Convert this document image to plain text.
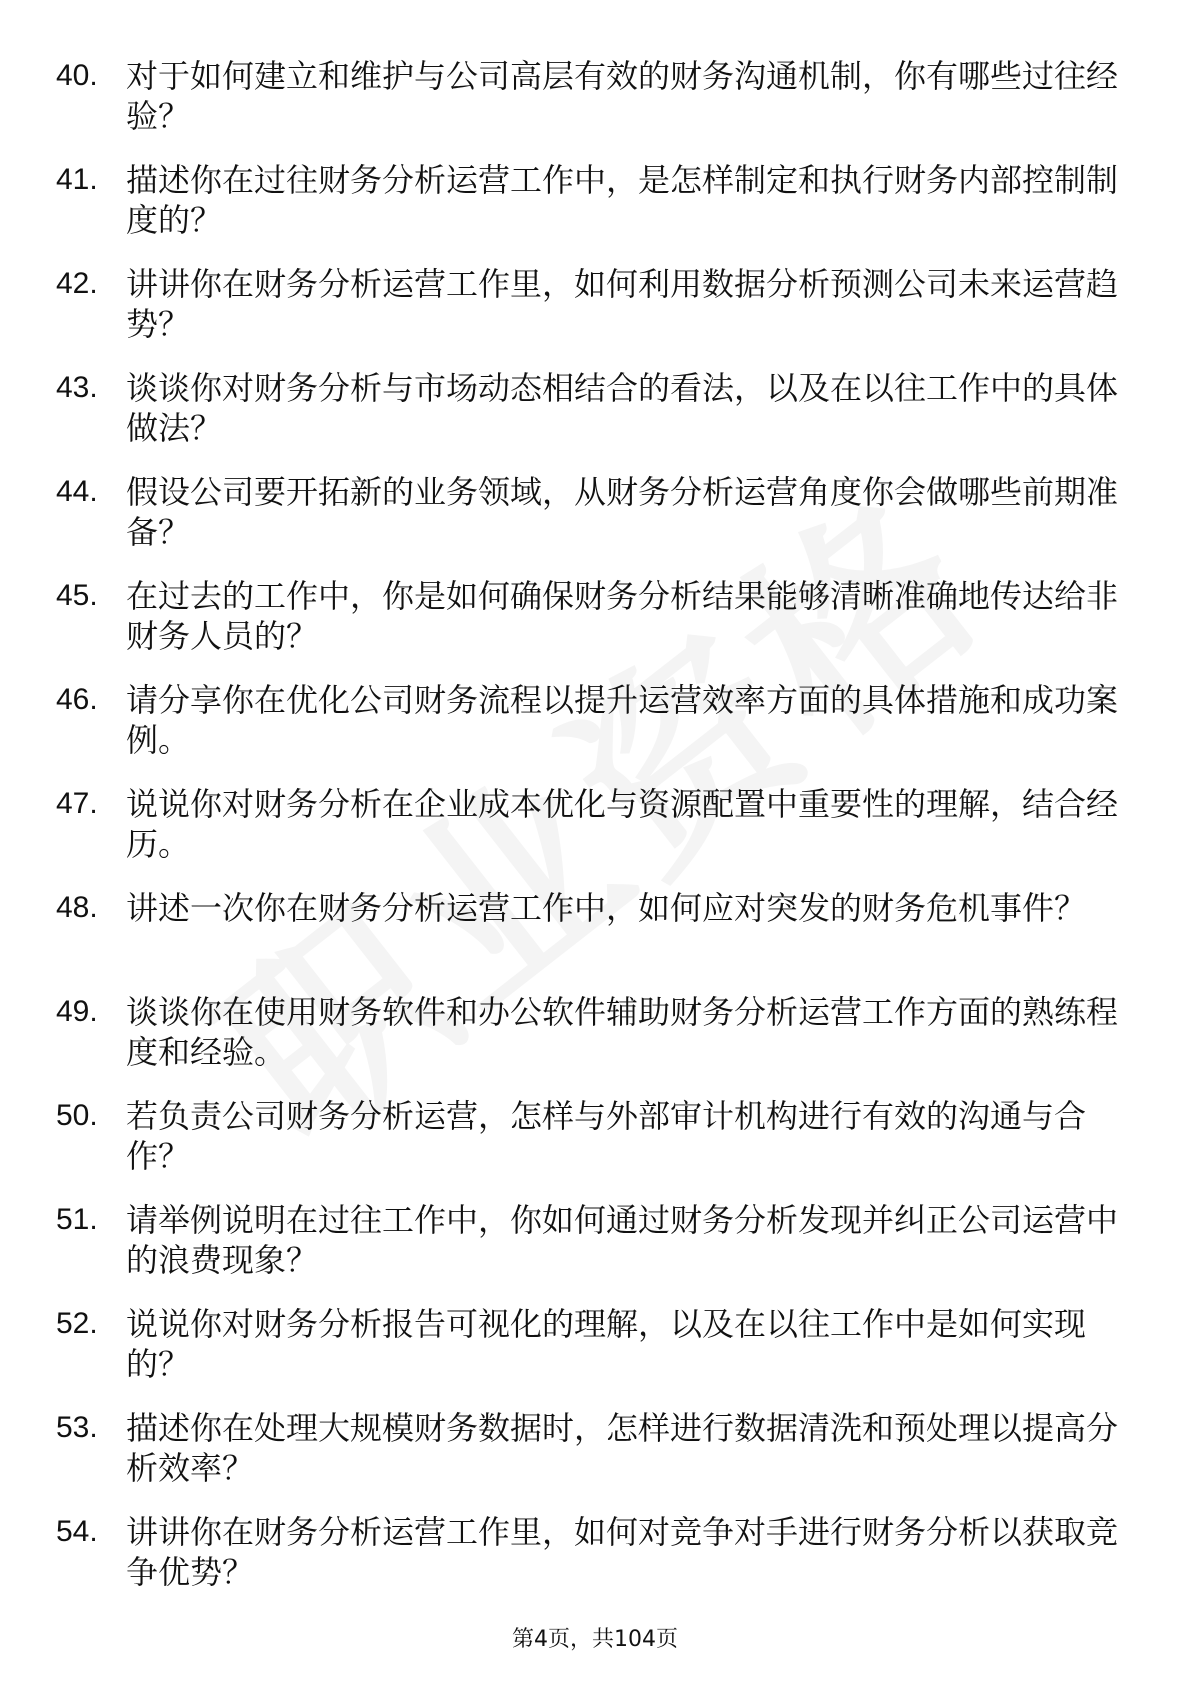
40. 对于如何建立和维护与公司高层有效的财务沟通机制，你有哪些过往经验？
41. 描述你在过往财务分析运营工作中，是怎样制定和执行财务内部控制制度的？
42. 讲讲你在财务分析运营工作里，如何利用数据分析预测公司未来运营趋势？
43. 谈谈你对财务分析与市场动态相结合的看法，以及在以往工作中的具体做法？
44. 假设公司要开拓新的业务领域，从财务分析运营角度你会做哪些前期准备？
45. 在过去的工作中，你是如何确保财务分析结果能够清晰准确地传达给非财务人员的？
46. 请分享你在优化公司财务流程以提升运营效率方面的具体措施和成功案例。
47. 说说你对财务分析在企业成本优化与资源配置中重要性的理解，结合经历。
48. 讲述一次你在财务分析运营工作中，如何应对突发的财务危机事件？
49. 谈谈你在使用财务软件和办公软件辅助财务分析运营工作方面的熟练程度和经验。
50. 若负责公司财务分析运营，怎样与外部审计机构进行有效的沟通与合作？
51. 请举例说明在过往工作中，你如何通过财务分析发现并纠正公司运营中的浪费现象？
52. 说说你对财务分析报告可视化的理解，以及在以往工作中是如何实现的？
53. 描述你在处理大规模财务数据时，怎样进行数据清洗和预处理以提高分析效率？
54. 讲讲你在财务分析运营工作里，如何对竞争对手进行财务分析以获取竞争优势？
第4页，共104页
